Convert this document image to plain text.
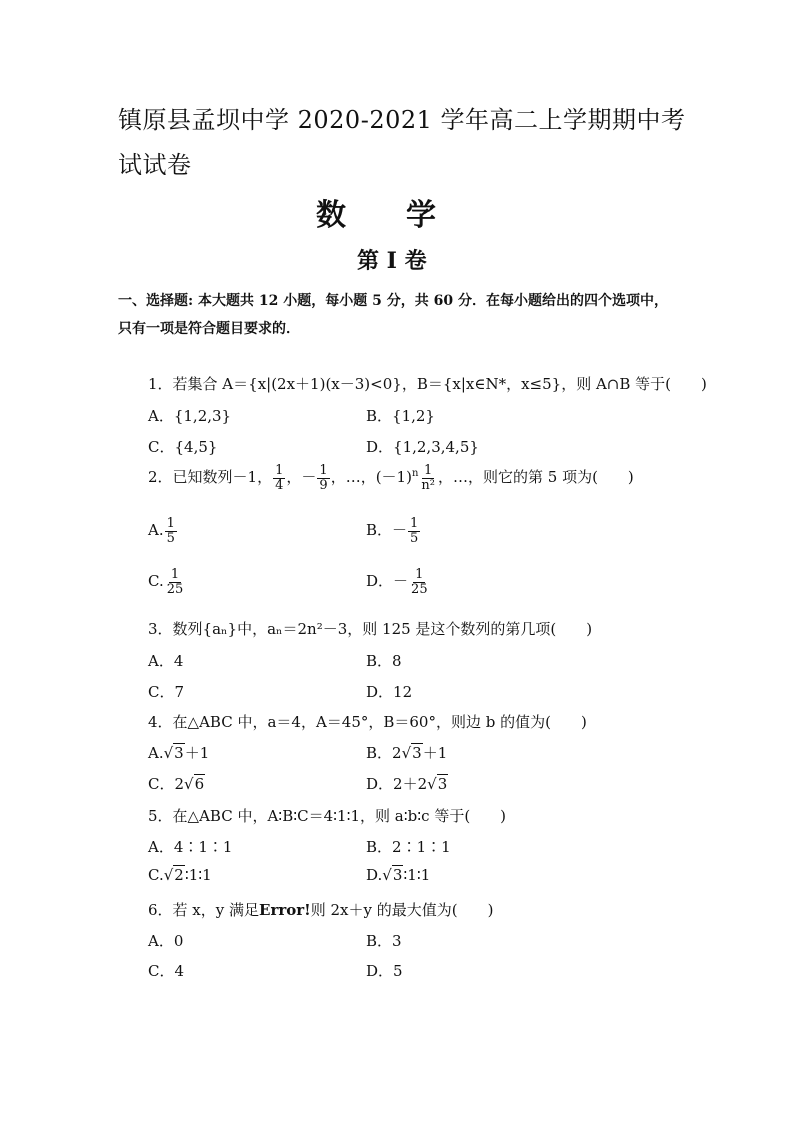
镇原县孟坝中学 2020-2021 学年高二上学期期中考
试试卷
数　　学
第 I 卷
一、选择题: 本大题共 12 小题，每小题 5 分，共 60 分．在每小题给出的四个选项中，
只有一项是符合题目要求的．
1．若集合 A＝{x|(2x＋1)(x－3)<0}，B＝{x|x∈N*，x≤5}，则 A∩B 等于(　　)
A．{1,2,3}	B．{1,2}
C．{4,5}	D．{1,2,3,4,5}
2．已知数列－1， $\frac{1}{4}$ ，－ $\frac{1}{9}$ ，…，$(-1)^n \frac{1}{\text{n²}}$ ，…，则它的第 5 项为(　　)
A. $\frac{1}{5}$	B．－ $\frac{1}{5}$
C. $\frac{1}{25}$	D．－ $\frac{1}{25}$
3．数列{aₙ}中，aₙ＝2n²－3，则 125 是这个数列的第几项(　　)
A．4	B．8
C．7	D．12
4．在△ABC 中，a＝4，A＝45°，B＝60°，则边 b 的值为(　　)
A.√3＋1	B．2√3＋1
C．2√6	D．2＋2√3
5．在△ABC 中，A∶B∶C＝4∶1∶1，则 a∶b∶c 等于(　　)
A．4∶1∶1	B．2∶1∶1
C.√2∶1∶1	D.√3∶1∶1
6．若 x，y 满足Error!则 2x＋y 的最大值为(　　)
A．0	B．3
C．4	D．5
